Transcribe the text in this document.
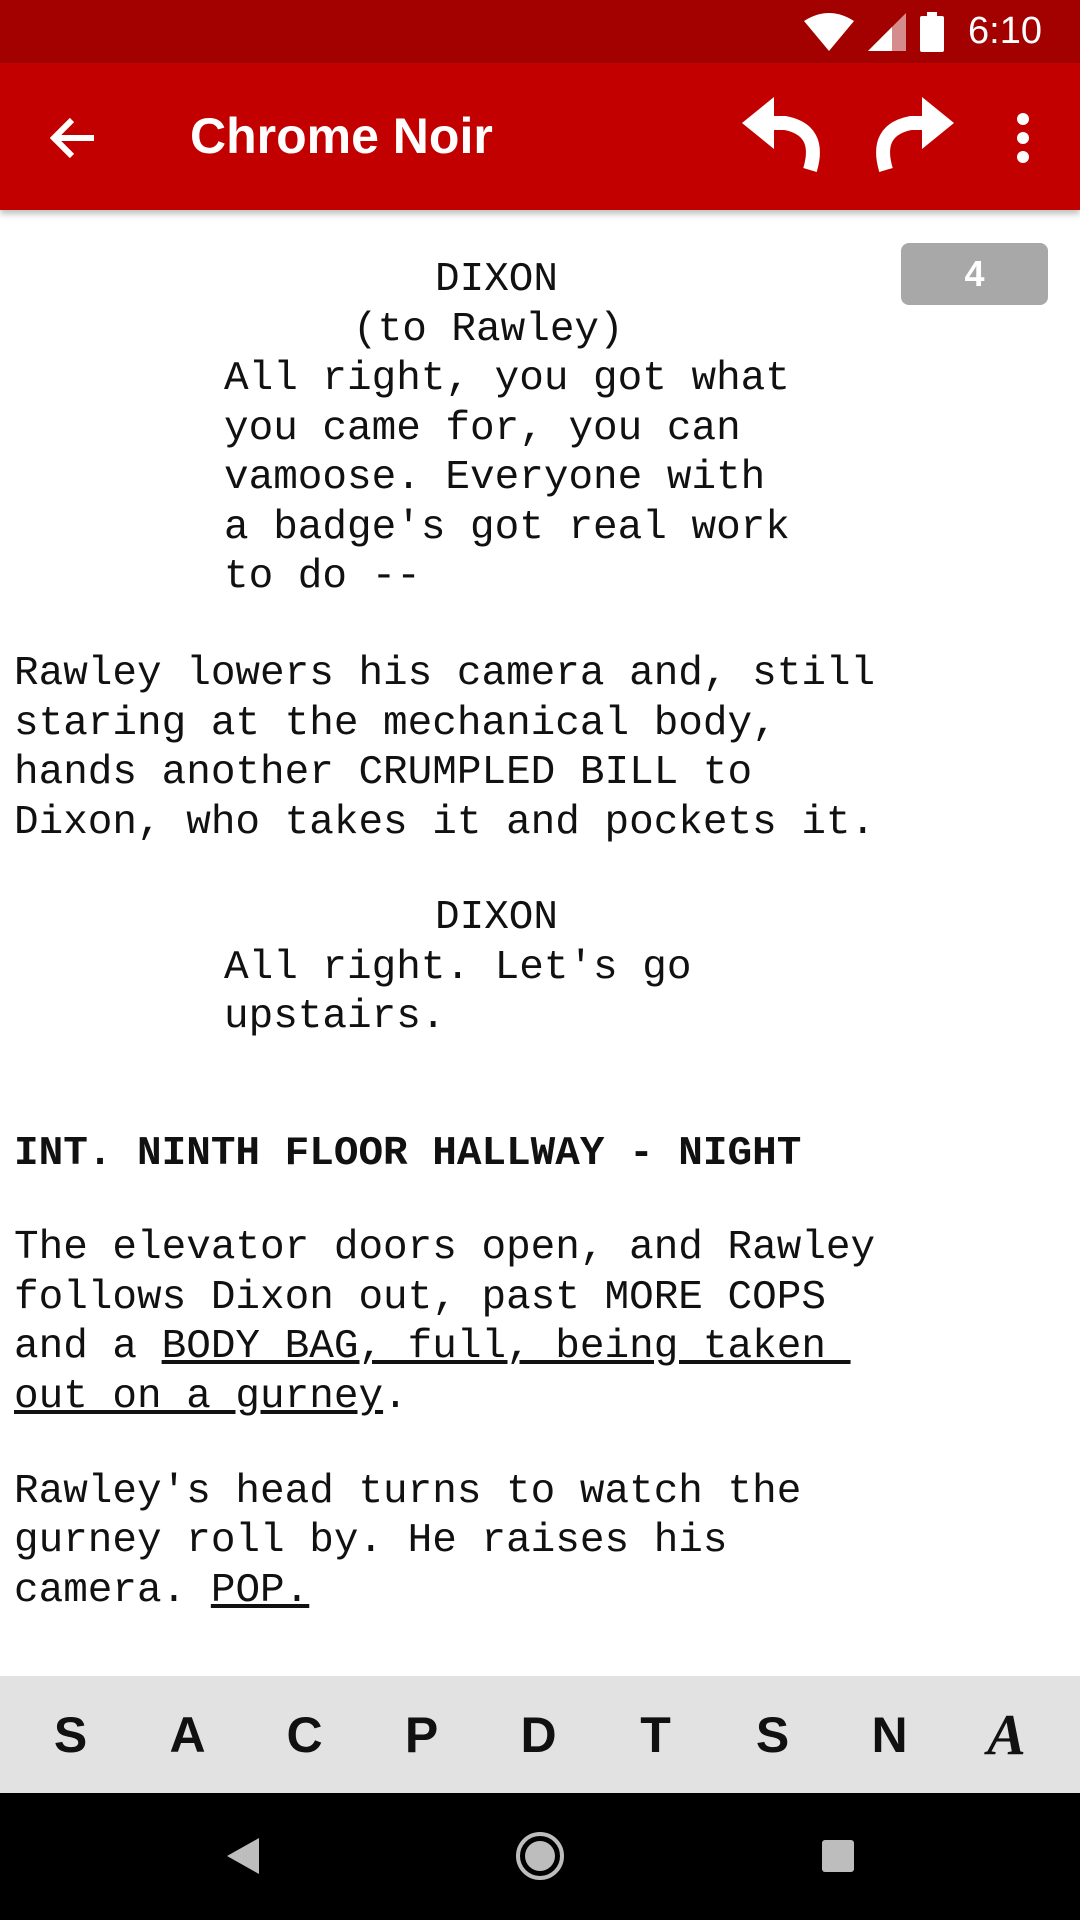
6:10
Chrome Noir
4
DIXON
(to Rawley)
All right, you got what
you came for, you can
vamoose. Everyone with
a badge's got real work
to do --
Rawley lowers his camera and, still
staring at the mechanical body,
hands another CRUMPLED BILL to
Dixon, who takes it and pockets it.
DIXON
All right. Let's go
upstairs.
INT. NINTH FLOOR HALLWAY - NIGHT
The elevator doors open, and Rawley
follows Dixon out, past MORE COPS
and a BODY BAG, full, being taken
out on a gurney.
Rawley's head turns to watch the
gurney roll by. He raises his
camera. POP.
S	A	C	P	D	T	S	N	A
